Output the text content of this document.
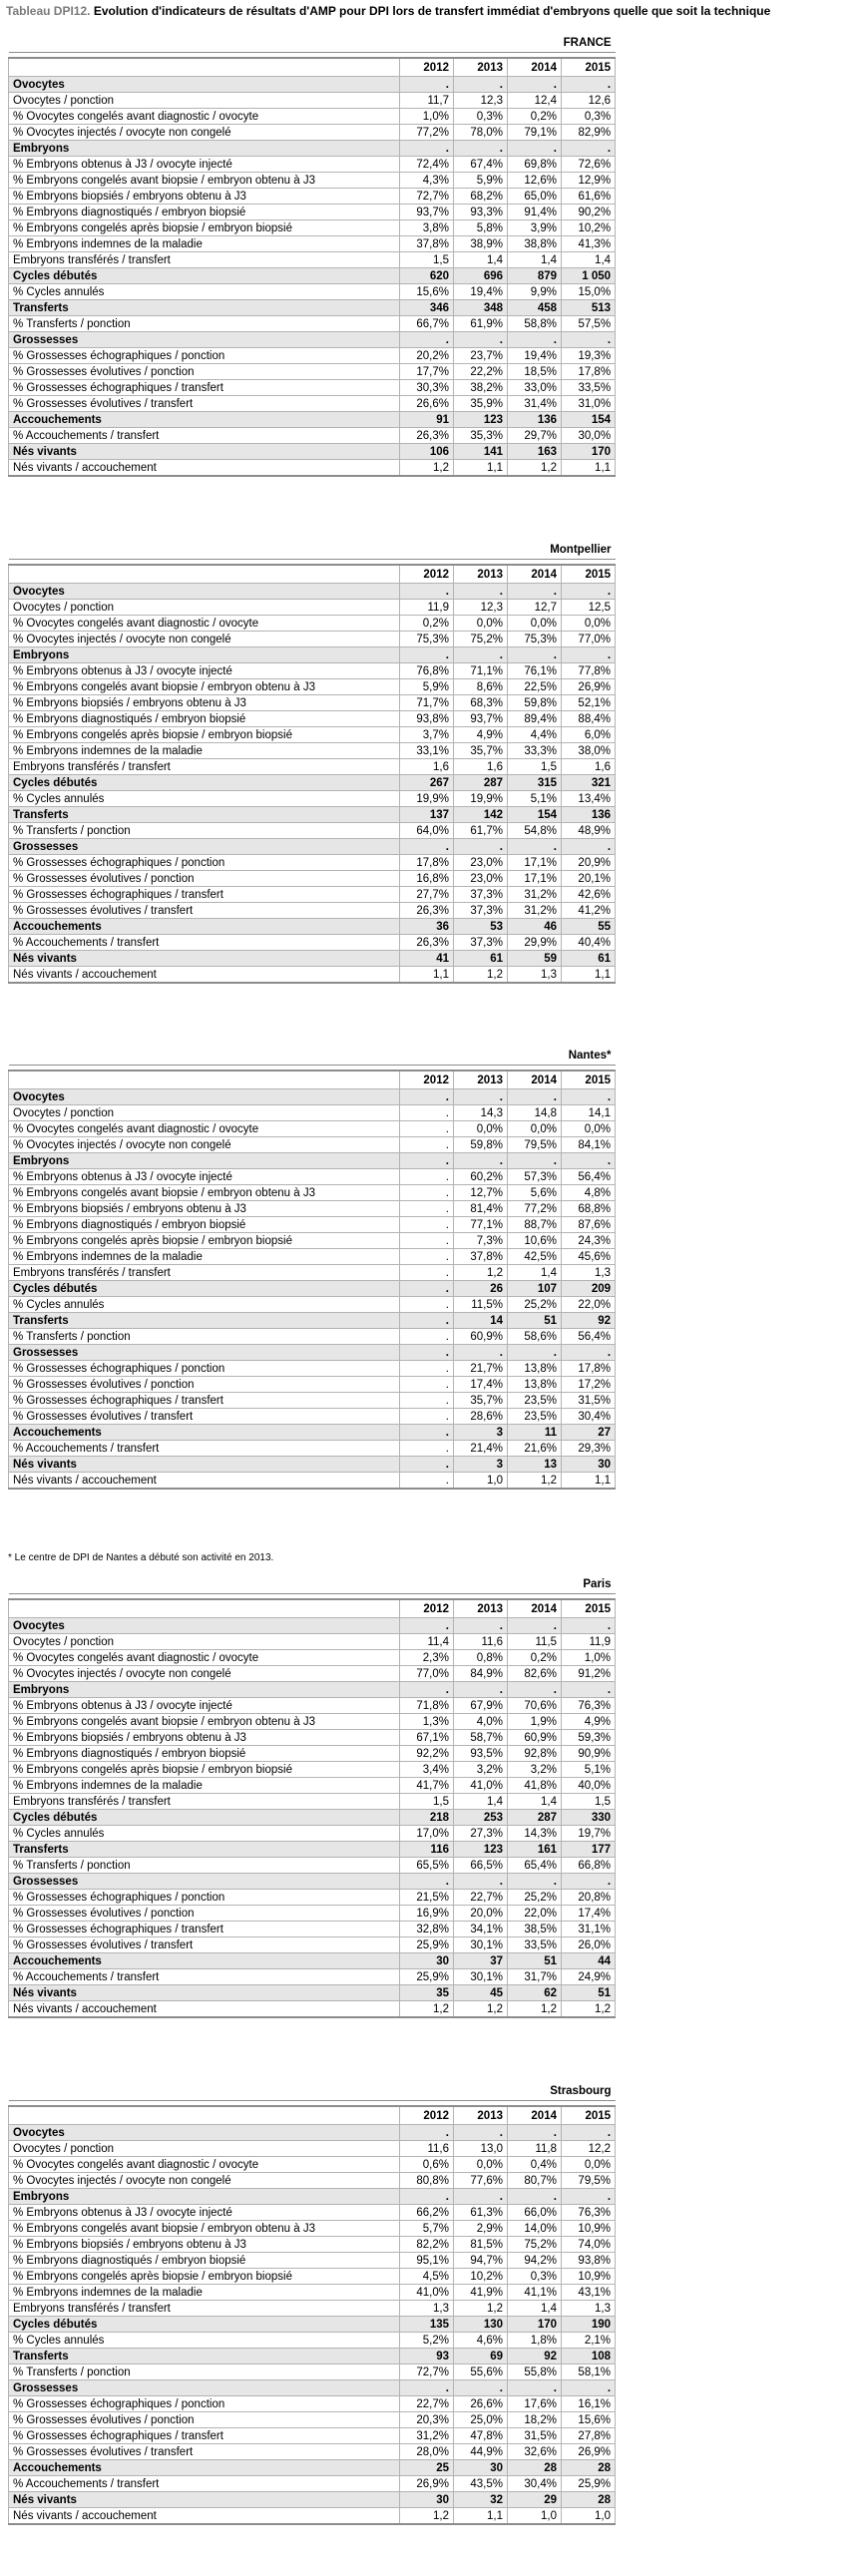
Tableau DPI12. Evolution d'indicateurs de résultats d'AMP pour DPI lors de transfert immédiat d'embryons quelle que soit la technique
	FRANCE			

	2012	2013	2014	2015
Ovocytes	.	.	.	.
Ovocytes / ponction	11,7	12,3	12,4	12,6
% Ovocytes congelés avant diagnostic / ovocyte	1,0%	0,3%	0,2%	0,3%
% Ovocytes injectés / ovocyte non congelé	77,2%	78,0%	79,1%	82,9%
Embryons	.	.	.	.
% Embryons obtenus à J3 / ovocyte injecté	72,4%	67,4%	69,8%	72,6%
% Embryons congelés avant biopsie / embryon obtenu à J3	4,3%	5,9%	12,6%	12,9%
% Embryons biopsiés / embryons obtenu à J3	72,7%	68,2%	65,0%	61,6%
% Embryons diagnostiqués / embryon biopsié	93,7%	93,3%	91,4%	90,2%
% Embryons congelés après biopsie / embryon biopsié	3,8%	5,8%	3,9%	10,2%
% Embryons indemnes de la maladie	37,8%	38,9%	38,8%	41,3%
Embryons transférés / transfert	1,5	1,4	1,4	1,4
Cycles débutés	620	696	879	1 050
% Cycles annulés	15,6%	19,4%	9,9%	15,0%
Transferts	346	348	458	513
% Transferts / ponction	66,7%	61,9%	58,8%	57,5%
Grossesses	.	.	.	.
% Grossesses échographiques / ponction	20,2%	23,7%	19,4%	19,3%
% Grossesses évolutives / ponction	17,7%	22,2%	18,5%	17,8%
% Grossesses échographiques / transfert	30,3%	38,2%	33,0%	33,5%
% Grossesses évolutives / transfert	26,6%	35,9%	31,4%	31,0%
Accouchements	91	123	136	154
% Accouchements / transfert	26,3%	35,3%	29,7%	30,0%
Nés vivants	106	141	163	170
Nés vivants / accouchement	1,2	1,1	1,2	1,1
	Montpellier			

	2012	2013	2014	2015
Ovocytes	.	.	.	.
Ovocytes / ponction	11,9	12,3	12,7	12,5
% Ovocytes congelés avant diagnostic / ovocyte	0,2%	0,0%	0,0%	0,0%
% Ovocytes injectés / ovocyte non congelé	75,3%	75,2%	75,3%	77,0%
Embryons	.	.	.	.
% Embryons obtenus à J3 / ovocyte injecté	76,8%	71,1%	76,1%	77,8%
% Embryons congelés avant biopsie / embryon obtenu à J3	5,9%	8,6%	22,5%	26,9%
% Embryons biopsiés / embryons obtenu à J3	71,7%	68,3%	59,8%	52,1%
% Embryons diagnostiqués / embryon biopsié	93,8%	93,7%	89,4%	88,4%
% Embryons congelés après biopsie / embryon biopsié	3,7%	4,9%	4,4%	6,0%
% Embryons indemnes de la maladie	33,1%	35,7%	33,3%	38,0%
Embryons transférés / transfert	1,6	1,6	1,5	1,6
Cycles débutés	267	287	315	321
% Cycles annulés	19,9%	19,9%	5,1%	13,4%
Transferts	137	142	154	136
% Transferts / ponction	64,0%	61,7%	54,8%	48,9%
Grossesses	.	.	.	.
% Grossesses échographiques / ponction	17,8%	23,0%	17,1%	20,9%
% Grossesses évolutives / ponction	16,8%	23,0%	17,1%	20,1%
% Grossesses échographiques / transfert	27,7%	37,3%	31,2%	42,6%
% Grossesses évolutives / transfert	26,3%	37,3%	31,2%	41,2%
Accouchements	36	53	46	55
% Accouchements / transfert	26,3%	37,3%	29,9%	40,4%
Nés vivants	41	61	59	61
Nés vivants / accouchement	1,1	1,2	1,3	1,1
	Nantes*			

	2012	2013	2014	2015
Ovocytes	.	.	.	.
Ovocytes / ponction	.	14,3	14,8	14,1
% Ovocytes congelés avant diagnostic / ovocyte	.	0,0%	0,0%	0,0%
% Ovocytes injectés / ovocyte non congelé	.	59,8%	79,5%	84,1%
Embryons	.	.	.	.
% Embryons obtenus à J3 / ovocyte injecté	.	60,2%	57,3%	56,4%
% Embryons congelés avant biopsie / embryon obtenu à J3	.	12,7%	5,6%	4,8%
% Embryons biopsiés / embryons obtenu à J3	.	81,4%	77,2%	68,8%
% Embryons diagnostiqués / embryon biopsié	.	77,1%	88,7%	87,6%
% Embryons congelés après biopsie / embryon biopsié	.	7,3%	10,6%	24,3%
% Embryons indemnes de la maladie	.	37,8%	42,5%	45,6%
Embryons transférés / transfert	.	1,2	1,4	1,3
Cycles débutés	.	26	107	209
% Cycles annulés	.	11,5%	25,2%	22,0%
Transferts	.	14	51	92
% Transferts / ponction	.	60,9%	58,6%	56,4%
Grossesses	.	.	.	.
% Grossesses échographiques / ponction	.	21,7%	13,8%	17,8%
% Grossesses évolutives / ponction	.	17,4%	13,8%	17,2%
% Grossesses échographiques / transfert	.	35,7%	23,5%	31,5%
% Grossesses évolutives / transfert	.	28,6%	23,5%	30,4%
Accouchements	.	3	11	27
% Accouchements / transfert	.	21,4%	21,6%	29,3%
Nés vivants	.	3	13	30
Nés vivants / accouchement	.	1,0	1,2	1,1
* Le centre de DPI de Nantes a débuté son activité en 2013.
	Paris			

	2012	2013	2014	2015
Ovocytes	.	.	.	.
Ovocytes / ponction	11,4	11,6	11,5	11,9
% Ovocytes congelés avant diagnostic / ovocyte	2,3%	0,8%	0,2%	1,0%
% Ovocytes injectés / ovocyte non congelé	77,0%	84,9%	82,6%	91,2%
Embryons	.	.	.	.
% Embryons obtenus à J3 / ovocyte injecté	71,8%	67,9%	70,6%	76,3%
% Embryons congelés avant biopsie / embryon obtenu à J3	1,3%	4,0%	1,9%	4,9%
% Embryons biopsiés / embryons obtenu à J3	67,1%	58,7%	60,9%	59,3%
% Embryons diagnostiqués / embryon biopsié	92,2%	93,5%	92,8%	90,9%
% Embryons congelés après biopsie / embryon biopsié	3,4%	3,2%	3,2%	5,1%
% Embryons indemnes de la maladie	41,7%	41,0%	41,8%	40,0%
Embryons transférés / transfert	1,5	1,4	1,4	1,5
Cycles débutés	218	253	287	330
% Cycles annulés	17,0%	27,3%	14,3%	19,7%
Transferts	116	123	161	177
% Transferts / ponction	65,5%	66,5%	65,4%	66,8%
Grossesses	.	.	.	.
% Grossesses échographiques / ponction	21,5%	22,7%	25,2%	20,8%
% Grossesses évolutives / ponction	16,9%	20,0%	22,0%	17,4%
% Grossesses échographiques / transfert	32,8%	34,1%	38,5%	31,1%
% Grossesses évolutives / transfert	25,9%	30,1%	33,5%	26,0%
Accouchements	30	37	51	44
% Accouchements / transfert	25,9%	30,1%	31,7%	24,9%
Nés vivants	35	45	62	51
Nés vivants / accouchement	1,2	1,2	1,2	1,2
	Strasbourg			

	2012	2013	2014	2015
Ovocytes	.	.	.	.
Ovocytes / ponction	11,6	13,0	11,8	12,2
% Ovocytes congelés avant diagnostic / ovocyte	0,6%	0,0%	0,4%	0,0%
% Ovocytes injectés / ovocyte non congelé	80,8%	77,6%	80,7%	79,5%
Embryons	.	.	.	.
% Embryons obtenus à J3 / ovocyte injecté	66,2%	61,3%	66,0%	76,3%
% Embryons congelés avant biopsie / embryon obtenu à J3	5,7%	2,9%	14,0%	10,9%
% Embryons biopsiés / embryons obtenu à J3	82,2%	81,5%	75,2%	74,0%
% Embryons diagnostiqués / embryon biopsié	95,1%	94,7%	94,2%	93,8%
% Embryons congelés après biopsie / embryon biopsié	4,5%	10,2%	0,3%	10,9%
% Embryons indemnes de la maladie	41,0%	41,9%	41,1%	43,1%
Embryons transférés / transfert	1,3	1,2	1,4	1,3
Cycles débutés	135	130	170	190
% Cycles annulés	5,2%	4,6%	1,8%	2,1%
Transferts	93	69	92	108
% Transferts / ponction	72,7%	55,6%	55,8%	58,1%
Grossesses	.	.	.	.
% Grossesses échographiques / ponction	22,7%	26,6%	17,6%	16,1%
% Grossesses évolutives / ponction	20,3%	25,0%	18,2%	15,6%
% Grossesses échographiques / transfert	31,2%	47,8%	31,5%	27,8%
% Grossesses évolutives / transfert	28,0%	44,9%	32,6%	26,9%
Accouchements	25	30	28	28
% Accouchements / transfert	26,9%	43,5%	30,4%	25,9%
Nés vivants	30	32	29	28
Nés vivants / accouchement	1,2	1,1	1,0	1,0
